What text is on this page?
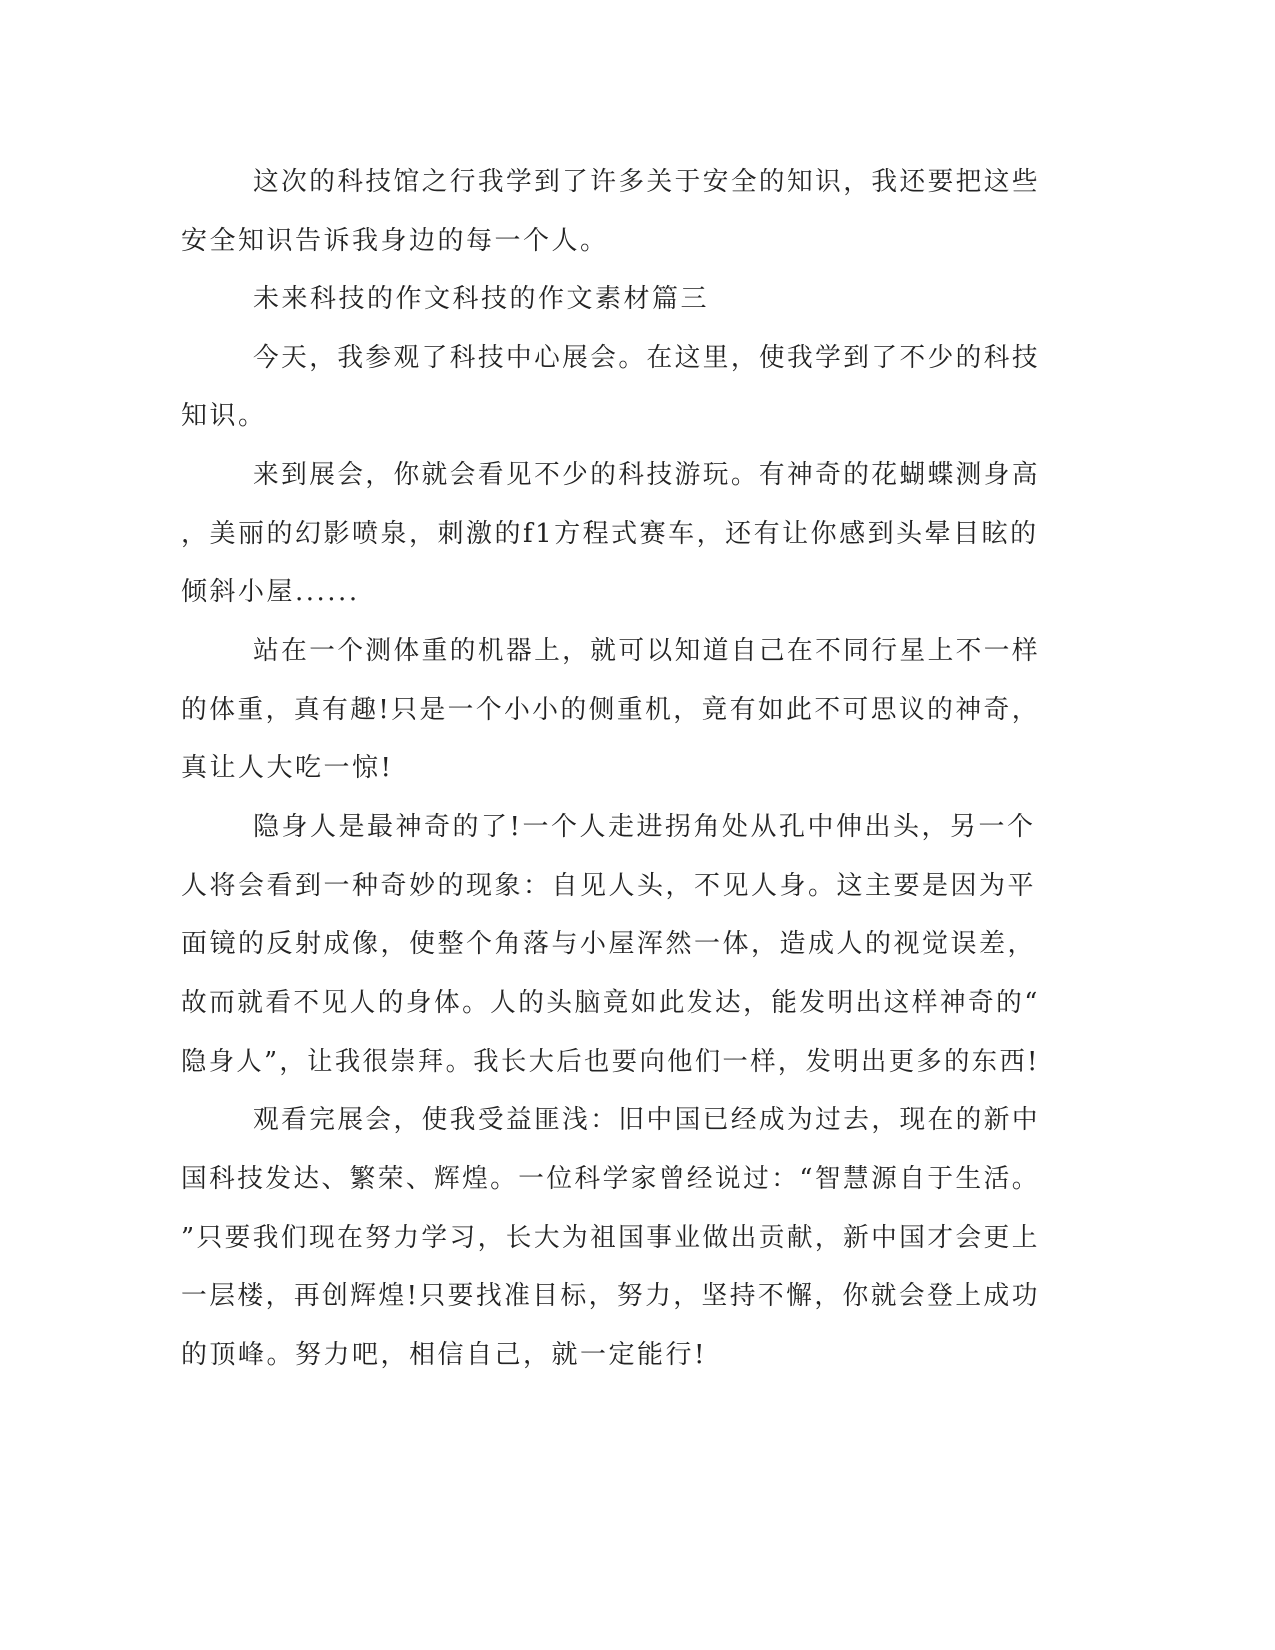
这次的科技馆之行我学到了许多关于安全的知识，我还要把这些
安全知识告诉我身边的每一个人。
未来科技的作文科技的作文素材篇三
今天，我参观了科技中心展会。在这里，使我学到了不少的科技
知识。
来到展会，你就会看见不少的科技游玩。有神奇的花蝴蝶测身高
，美丽的幻影喷泉，刺激的f1方程式赛车，还有让你感到头晕目眩的
倾斜小屋......
站在一个测体重的机器上，就可以知道自己在不同行星上不一样
的体重，真有趣!只是一个小小的侧重机，竟有如此不可思议的神奇，
真让人大吃一惊!
隐身人是最神奇的了!一个人走进拐角处从孔中伸出头，另一个
人将会看到一种奇妙的现象：自见人头，不见人身。这主要是因为平
面镜的反射成像，使整个角落与小屋浑然一体，造成人的视觉误差，
故而就看不见人的身体。人的头脑竟如此发达，能发明出这样神奇的“
隐身人”，让我很崇拜。我长大后也要向他们一样，发明出更多的东西!
观看完展会，使我受益匪浅：旧中国已经成为过去，现在的新中
国科技发达、繁荣、辉煌。一位科学家曾经说过：“智慧源自于生活。
”只要我们现在努力学习，长大为祖国事业做出贡献，新中国才会更上
一层楼，再创辉煌!只要找准目标，努力，坚持不懈，你就会登上成功
的顶峰。努力吧，相信自己，就一定能行!
